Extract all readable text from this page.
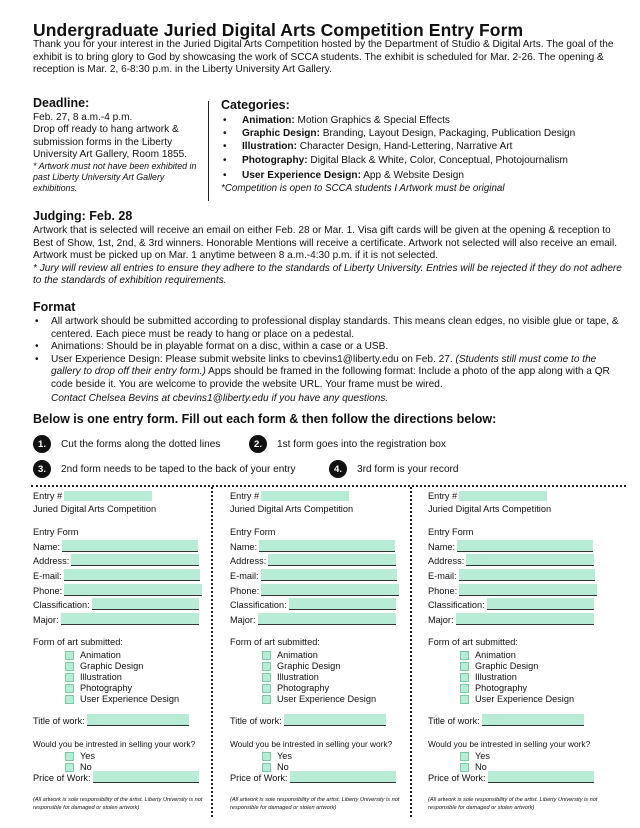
Undergraduate Juried Digital Arts Competition Entry Form

Thank you for your interest in the Juried Digital Arts Competition hosted by the Department of Studio & Digital Arts. The goal of the exhibit is to bring glory to God by showcasing the work of SCCA students. The exhibit is scheduled for Mar. 2-26. The opening & reception is Mar. 2, 6-8:30 p.m. in the Liberty University Art Gallery.

Deadline:
Feb. 27, 8 a.m.-4 p.m.
Drop off ready to hang artwork & submission forms in the Liberty University Art Gallery, Room 1855.
* Artwork must not have been exhibited in past Liberty University Art Gallery exhibitions.
Categories:
• Animation: Motion Graphics & Special Effects
• Graphic Design: Branding, Layout Design, Packaging, Publication Design
• Illustration: Character Design, Hand-Lettering, Narrative Art
• Photography: Digital Black & White, Color, Conceptual, Photojournalism
• User Experience Design: App & Website Design
*Competition is open to SCCA students I Artwork must be original
Judging: Feb. 28

Artwork that is selected will receive an email on either Feb. 28 or Mar. 1. Visa gift cards will be given at the opening & reception to Best of Show, 1st, 2nd, & 3rd winners. Honorable Mentions will receive a certificate. Artwork not selected will also receive an email. Artwork must be picked up on Mar. 1 anytime between 8 a.m.-4:30 p.m. if it is not selected.

* Jury will review all entries to ensure they adhere to the standards of Liberty University. Entries will be rejected if they do not adhere to the standards of exhibition requirements.

Format
• All artwork should be submitted according to professional display standards. This means clean edges, no visible glue or tape, & centered. Each piece must be ready to hang or place on a pedestal.
• Animations: Should be in playable format on a disc, within a case or a USB.
• User Experience Design: Please submit website links to cbevins1@liberty.edu on Feb. 27. (Students still must come to the gallery to drop off their entry form.) Apps should be framed in the following format: Include a photo of the app along with a QR code beside it. You are welcome to provide the website URL. Your frame must be wired.
Contact Chelsea Bevins at cbevins1@liberty.edu if you have any questions.
Below is one entry form. Fill out each form & then follow the directions below:
1.	Cut the forms along the dotted lines	2.	1st form goes into the registration box
3.	2nd form needs to be taped to the back of your entry	4.	3rd form is your record
Entry #
Juried Digital Arts Competition
Entry Form
Name:
Address:
E-mail:
Phone:
Classification:
Major:
Form of art submitted:
Animation
Graphic Design
Illustration
Photography
User Experience Design
Title of work:
Would you be intrested in selling your work?
Yes
No
Price of Work:
(All artwork is sole responsibility of the artist. Liberty University is not responsible for damaged or stolen artwork)
Entry #
Juried Digital Arts Competition
Entry Form
Name:
Address:
E-mail:
Phone:
Classification:
Major:
Form of art submitted:
Animation
Graphic Design
Illustration
Photography
User Experience Design
Title of work:
Would you be intrested in selling your work?
Yes
No
Price of Work:
(All artwork is sole responsibility of the artist. Liberty University is not responsible for damaged or stolen artwork)
Entry #
Juried Digital Arts Competition
Entry Form
Name:
Address:
E-mail:
Phone:
Classification:
Major:
Form of art submitted:
Animation
Graphic Design
Illustration
Photography
User Experience Design
Title of work:
Would you be intrested in selling your work?
Yes
No
Price of Work:
(All artwork is sole responsibility of the artist. Liberty University is not responsible for damaged or stolen artwork)
